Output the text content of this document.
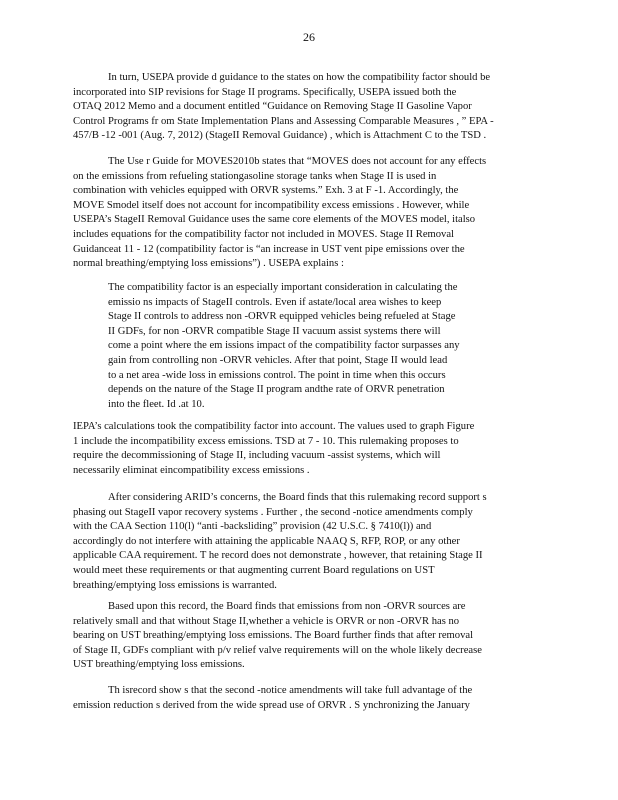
26

In turn, USEPA provide d guidance to the states on how the compatibility factor should be
incorporated into SIP revisions for Stage II programs. Specifically, USEPA issued both the
OTAQ 2012 Memo and a document entitled “Guidance on Removing Stage II Gasoline Vapor
Control Programs fr om State Implementation Plans and Assessing Comparable Measures , ” EPA -
457/B -12 -001 (Aug. 7, 2012) (StageII Removal Guidance) , which is Attachment C to the TSD .

The Use r Guide for MOVES2010b states that “MOVES does not account for any effects
on the emissions from refueling stationgasoline storage tanks when Stage II is used in
combination with vehicles equipped with ORVR systems.” Exh. 3 at F -1. Accordingly, the
MOVE Smodel itself does not account for incompatibility excess emissions . However, while
USEPA’s StageII Removal Guidance uses the same core elements of the MOVES model, italso
includes equations for the compatibility factor not included in MOVES. Stage II Removal
Guidanceat 11 - 12 (compatibility factor is “an increase in UST vent pipe emissions over the
normal breathing/emptying loss emissions”) . USEPA explains :

The compatibility factor is an especially important consideration in calculating the
emissio ns impacts of StageII controls. Even if astate/local area wishes to keep
Stage II controls to address non -ORVR equipped vehicles being refueled at Stage
II GDFs, for non -ORVR compatible Stage II vacuum assist systems there will
come a point where the em issions impact of the compatibility factor surpasses any
gain from controlling non -ORVR vehicles. After that point, Stage II would lead
to a net area -wide loss in emissions control. The point in time when this occurs
depends on the nature of the Stage II program andthe rate of ORVR penetration
into the fleet. Id .at 10.

IEPA’s calculations took the compatibility factor into account. The values used to graph Figure
1 include the incompatibility excess emissions. TSD at 7 - 10. This rulemaking proposes to
require the decommissioning of Stage II, including vacuum -assist systems, which will
necessarily eliminat eincompatibility excess emissions .

After considering ARID’s concerns, the Board finds that this rulemaking record support s
phasing out StageII vapor recovery systems . Further , the second -notice amendments comply
with the CAA Section 110(l) “anti -backsliding” provision (42 U.S.C. § 7410(l)) and
accordingly do not interfere with attaining the applicable NAAQ S, RFP, ROP, or any other
applicable CAA requirement. T he record does not demonstrate , however, that retaining Stage II
would meet these requirements or that augmenting current Board regulations on UST
breathing/emptying loss emissions is warranted.

Based upon this record, the Board finds that emissions from non -ORVR sources are
relatively small and that without Stage II,whether a vehicle is ORVR or non -ORVR has no
bearing on UST breathing/emptying loss emissions. The Board further finds that after removal
of Stage II, GDFs compliant with p/v relief valve requirements will on the whole likely decrease
UST breathing/emptying loss emissions.

Th isrecord show s that the second -notice amendments will take full advantage of the
emission reduction s derived from the wide spread use of ORVR . S ynchronizing the January
